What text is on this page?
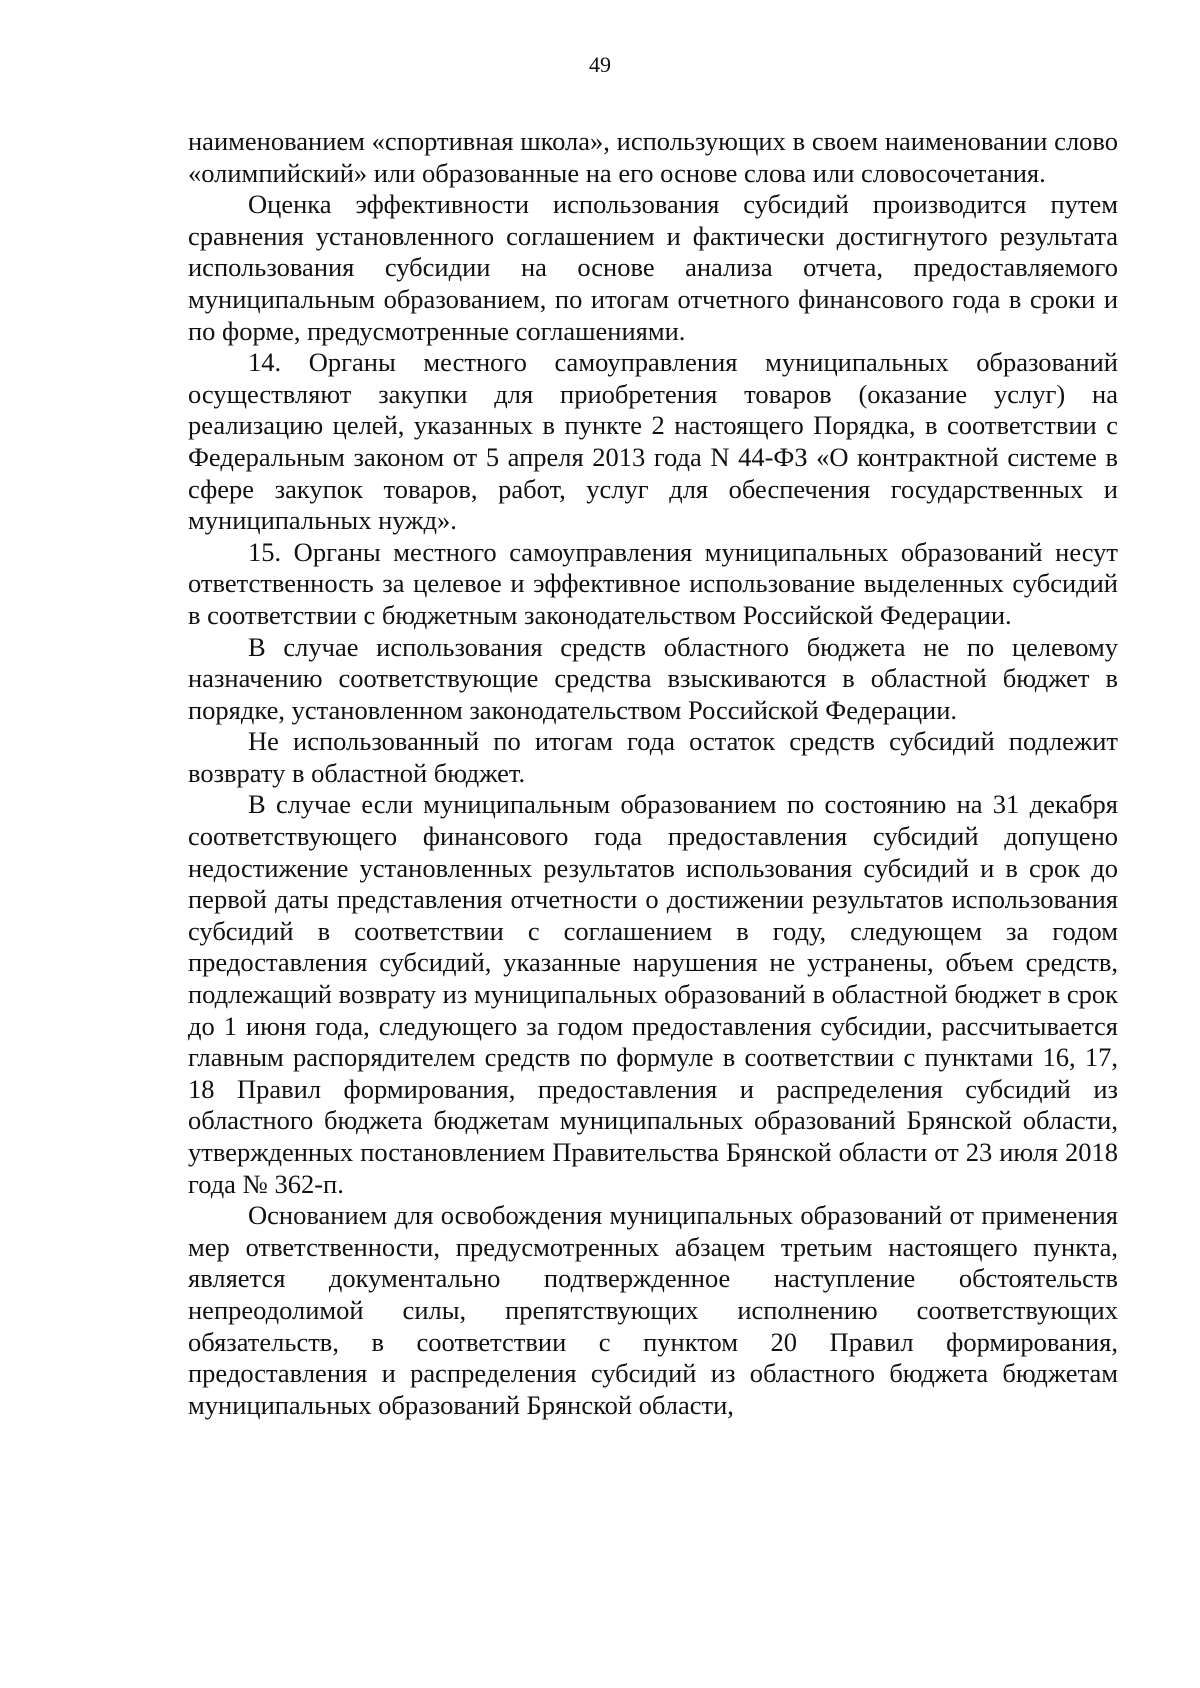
49

наименованием «спортивная школа», использующих в своем наименовании слово «олимпийский» или образованные на его основе слова или словосочетания.

Оценка эффективности использования субсидий производится путем сравнения установленного соглашением и фактически достигнутого результата использования субсидии на основе анализа отчета, предоставляемого муниципальным образованием, по итогам отчетного финансового года в сроки и по форме, предусмотренные соглашениями.

14. Органы местного самоуправления муниципальных образований осуществляют закупки для приобретения товаров (оказание услуг) на реализацию целей, указанных в пункте 2 настоящего Порядка, в соответствии с Федеральным законом от 5 апреля 2013 года N 44-ФЗ «О контрактной системе в сфере закупок товаров, работ, услуг для обеспечения государственных и муниципальных нужд».

15. Органы местного самоуправления муниципальных образований несут ответственность за целевое и эффективное использование выделенных субсидий в соответствии с бюджетным законодательством Российской Федерации.

В случае использования средств областного бюджета не по целевому назначению соответствующие средства взыскиваются в областной бюджет в порядке, установленном законодательством Российской Федерации.

Не использованный по итогам года остаток средств субсидий подлежит возврату в областной бюджет.

В случае если муниципальным образованием по состоянию на 31 декабря соответствующего финансового года предоставления субсидий допущено недостижение установленных результатов использования субсидий и в срок до первой даты представления отчетности о достижении результатов использования субсидий в соответствии с соглашением в году, следующем за годом предоставления субсидий, указанные нарушения не устранены, объем средств, подлежащий возврату из муниципальных образований в областной бюджет в срок до 1 июня года, следующего за годом предоставления субсидии, рассчитывается главным распорядителем средств по формуле в соответствии с пунктами 16, 17, 18 Правил формирования, предоставления и распределения субсидий из областного бюджета бюджетам муниципальных образований Брянской области, утвержденных постановлением Правительства Брянской области от 23 июля 2018 года № 362-п.

Основанием для освобождения муниципальных образований от применения мер ответственности, предусмотренных абзацем третьим настоящего пункта, является документально подтвержденное наступление обстоятельств непреодолимой силы, препятствующих исполнению соответствующих обязательств, в соответствии с пунктом 20 Правил формирования, предоставления и распределения субсидий из областного бюджета бюджетам муниципальных образований Брянской области,
